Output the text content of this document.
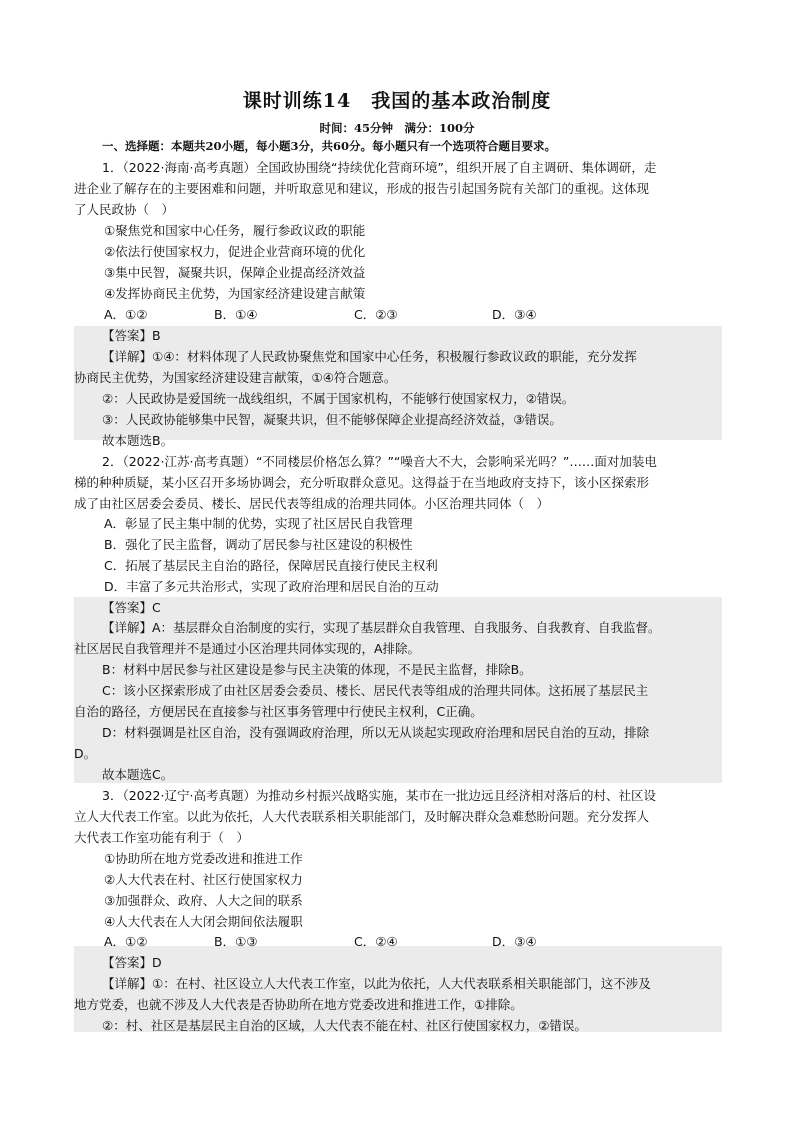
课时训练14　我国的基本政治制度
时间：45分钟　满分：100分
一、选择题：本题共20小题，每小题3分，共60分。每小题只有一个选项符合题目要求。
1．（2022·海南·高考真题）全国政协围绕“持续优化营商环境”，组织开展了自主调研、集体调研，走
进企业了解存在的主要困难和问题，并听取意见和建议，形成的报告引起国务院有关部门的重视。这体现
了人民政协（　）
①聚焦党和国家中心任务，履行参政议政的职能
②依法行使国家权力，促进企业营商环境的优化
③集中民智，凝聚共识，保障企业提高经济效益
④发挥协商民主优势，为国家经济建设建言献策
A．①②	B．①④	C．②③	D．③④
【答案】B
【详解】①④：材料体现了人民政协聚焦党和国家中心任务，积极履行参政议政的职能，充分发挥
协商民主优势，为国家经济建设建言献策，①④符合题意。
②：人民政协是爱国统一战线组织，不属于国家机构，不能够行使国家权力，②错误。
③：人民政协能够集中民智，凝聚共识，但不能够保障企业提高经济效益，③错误。
故本题选B。
2．（2022·江苏·高考真题）“不同楼层价格怎么算？”“噪音大不大，会影响采光吗？”……面对加装电
梯的种种质疑，某小区召开多场协调会，充分听取群众意见。这得益于在当地政府支持下，该小区探索形
成了由社区居委会委员、楼长、居民代表等组成的治理共同体。小区治理共同体（　）
A．彰显了民主集中制的优势，实现了社区居民自我管理
B．强化了民主监督，调动了居民参与社区建设的积极性
C．拓展了基层民主自治的路径，保障居民直接行使民主权利
D．丰富了多元共治形式，实现了政府治理和居民自治的互动
【答案】C
【详解】A：基层群众自治制度的实行，实现了基层群众自我管理、自我服务、自我教育、自我监督。
社区居民自我管理并不是通过小区治理共同体实现的，A排除。
B：材料中居民参与社区建设是参与民主决策的体现，不是民主监督，排除B。
C：该小区探索形成了由社区居委会委员、楼长、居民代表等组成的治理共同体。这拓展了基层民主
自治的路径，方便居民在直接参与社区事务管理中行使民主权利，C正确。
D：材料强调是社区自治，没有强调政府治理，所以无从谈起实现政府治理和居民自治的互动，排除
D。
故本题选C。
3．（2022·辽宁·高考真题）为推动乡村振兴战略实施，某市在一批边远且经济相对落后的村、社区设
立人大代表工作室。以此为依托，人大代表联系相关职能部门，及时解决群众急难愁盼问题。充分发挥人
大代表工作室功能有利于（　）
①协助所在地方党委改进和推进工作
②人大代表在村、社区行使国家权力
③加强群众、政府、人大之间的联系
④人大代表在人大闭会期间依法履职
A．①②	B．①③	C．②④	D．③④
【答案】D
【详解】①：在村、社区设立人大代表工作室，以此为依托，人大代表联系相关职能部门，这不涉及
地方党委，也就不涉及人大代表是否协助所在地方党委改进和推进工作，①排除。
②：村、社区是基层民主自治的区域，人大代表不能在村、社区行使国家权力，②错误。
